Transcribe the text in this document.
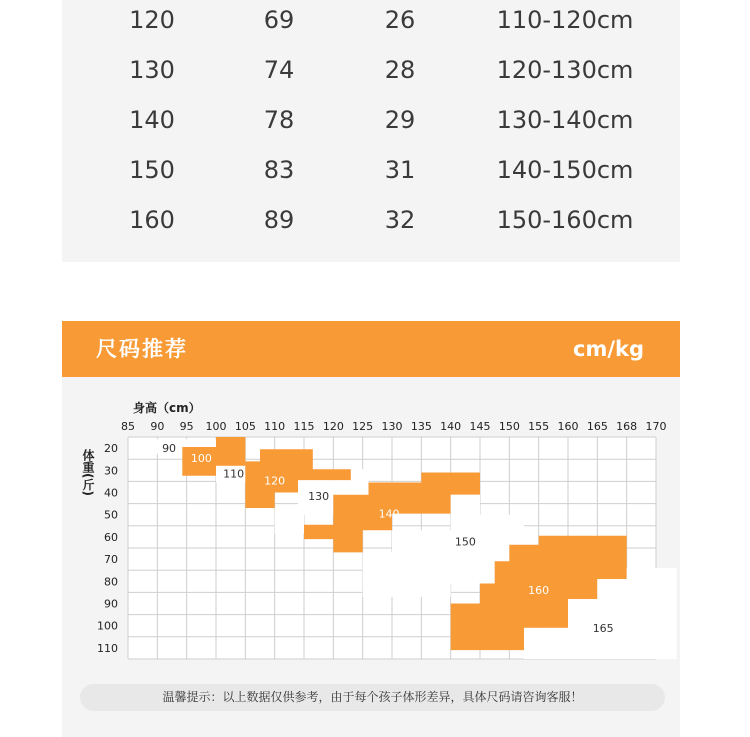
120	69	26	110-120cm
130	74	28	120-130cm
140	78	29	130-140cm
150	83	31	140-150cm
160	89	32	150-160cm
尺码推荐	cm/kg
90
100
110
120
130
140
150
160
165
85 90 95 100 105 110 115 120 125 130 135 140 145 150 155 160 165 168 170
身高（cm）
20
30
40
50
60
70
80
90
100
110
体重(斤)
温馨提示：以上数据仅供参考，由于每个孩子体形差异，具体尺码请咨询客服！
